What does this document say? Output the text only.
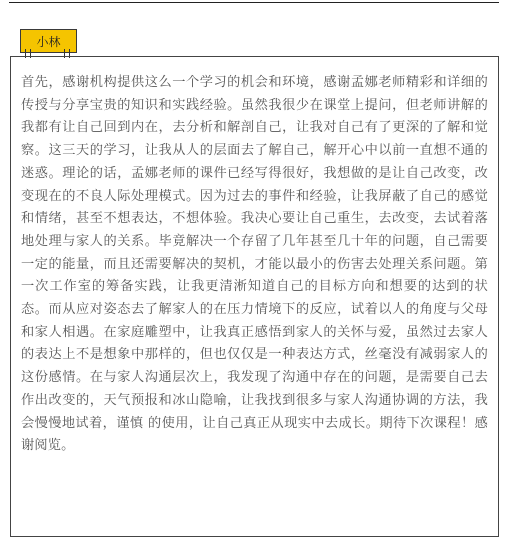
小林

首先，感谢机构提供这么一个学习的机会和环境，感谢孟娜老师精彩和详细的传授与分享宝贵的知识和实践经验。虽然我很少在课堂上提问，但老师讲解的我都有让自己回到内在，去分析和解剖自己，让我对自己有了更深的了解和觉察。这三天的学习，让我从人的层面去了解自己，解开心中以前一直想不通的迷惑。理论的话，孟娜老师的课件已经写得很好，我想做的是让自己改变，改变现在的不良人际处理模式。因为过去的事件和经验，让我屏蔽了自己的感觉和情绪，甚至不想表达，不想体验。我决心要让自己重生，去改变，去试着落地处理与家人的关系。毕竟解决一个存留了几年甚至几十年的问题，自己需要一定的能量，而且还需要解决的契机，才能以最小的伤害去处理关系问题。第一次工作室的筹备实践，让我更清淅知道自己的目标方向和想要的达到的状态。而从应对姿态去了解家人的在压力情境下的反应，试着以人的角度与父母和家人相遇。在家庭雕塑中，让我真正感悟到家人的关怀与爱，虽然过去家人的表达上不是想象中那样的，但也仅仅是一种表达方式，丝毫没有减弱家人的这份感情。在与家人沟通层次上，我发现了沟通中存在的问题，是需要自己去作出改变的，天气预报和冰山隐喻，让我找到很多与家人沟通协调的方法，我会慢慢地试着，谨慎 的使用，让自己真正从现实中去成长。期待下次课程！感谢阅览。
